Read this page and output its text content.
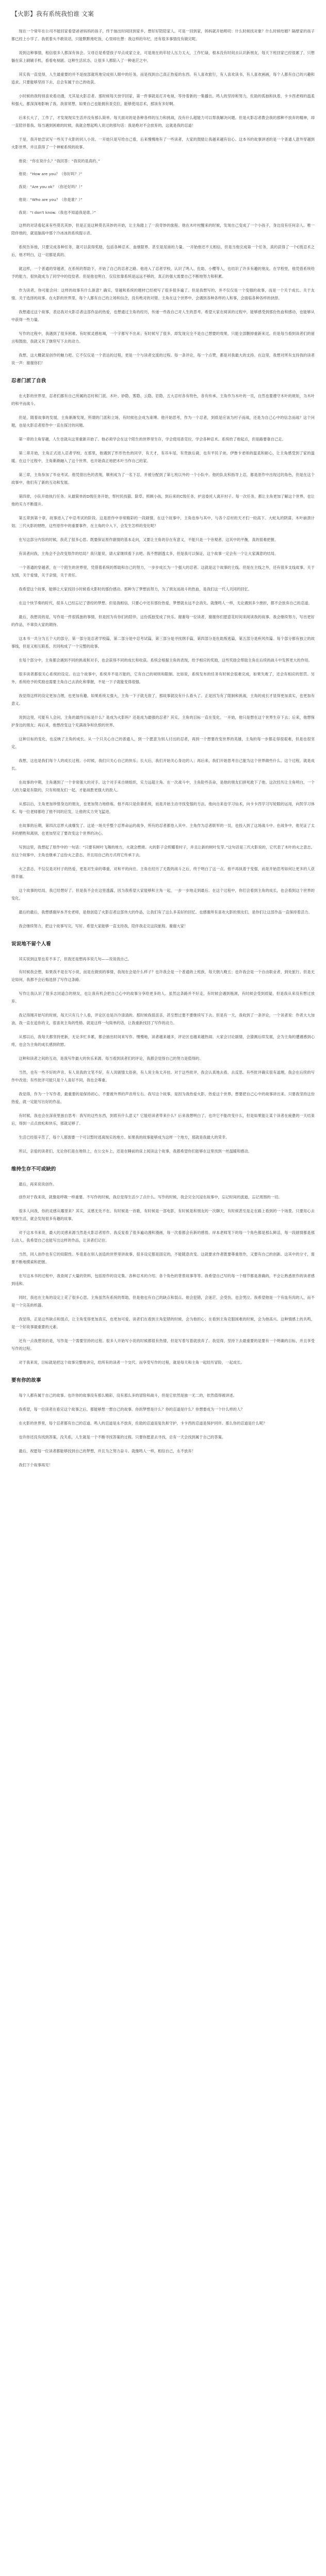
【火影】我有系统我怕谁 文案

现在一个常年在公司不能回家看望爸爸妈妈的孩子，终于抽出时间回到家乡，想好好陪陪家人。可是一回到家，妈妈就开始唠叨：什么时候找对象？什么时候结婚？隔壁家的孩子都已经上小学了。我低着头不敢说话，只能默默地吃饭，心里却在想：我这样的年纪，还有很多事情没有做完呢。

说到这种事情，相信很多人都深有体会。父母总是希望孩子早点成家立业，可是现在的年轻人压力太大，工作忙碌，根本没有时间去认识新朋友。每天下班回家已经很累了，只想躺在床上刷刷手机，看看电视剧。这种生活状态，让很多人都陷入了一种迷茫之中。

其实我一直觉得，人生最重要的并不是按部就班地完成别人眼中的任务，而是找到自己真正热爱的东西。有人喜欢旅行，有人喜欢读书，有人喜欢画画，每个人都有自己的兴趣和追求。只要能够坚持下去，总会有属于自己的收获。

小时候的我特别喜欢看动漫，尤其是火影忍者。那时候每天放学回家，第一件事就是打开电视，等待着新的一集播出。鸣人的坚持和努力，佐助的孤独和执着，卡卡西老师的温柔和强大，都深深地影响了我。我常常想，如果自己也能拥有查克拉，能够使用忍术，那该有多好啊。

后来长大了，工作了，才发现现实生活并没有那么简单。每天面对的是各种各样的压力和挑战，没有什么超能力可以帮我解决问题。但是火影忍者教会我的那种不放弃的精神，却一直陪伴着我。每当遇到困难的时候，我就会想起鸣人说过的那句话：我是绝对不会放弃的，这就是我的忍道！

于是，我开始尝试写一些关于火影的同人小说。一开始只是写给自己看，后来慢慢地有了一些读者，大家的鼓励让我越来越有信心。这本书的故事讲述的是一个普通人意外穿越到火影世界，并且获得了一个神秘系统的故事。

他说：“你在说什么？”我回答：“我说的是真的。”

他说：“How are you？（你好吗？）”

我说：“Are you ok？（你还好吗？）”

他说：“Who are you？（你是谁？）”

我说：“I don't know.（我也不知道我是谁。）”

这样的对话看起来有些莫名其妙，但是正是这种莫名其妙的开始，让主角踏上了一段奇妙的旅程。他在木叶村醒来的时候，发现自己变成了一个小孩子，身边没有任何亲人。唯一陪伴他的，就是脑海中那个冷冰冰的系统提示音。

系统告诉他，只要完成各种任务，就可以获得奖励，包括各种忍术、血继限界、甚至是尾兽的力量。一开始他还不太相信，但是当他完成第一个任务，真的获得了一个C级忍术之后，他才明白，这一切都是真的。

就这样，一个普通的穿越者，在系统的帮助下，开始了自己的忍者之路。他进入了忍者学校，认识了鸣人、佐助、小樱等人，也结识了许多有趣的朋友。在学校里，他凭借系统给予的能力，很快就成为了同学中的佼佼者。但是他也明白，仅仅依靠系统是远远不够的，真正的强大需要自己不断地努力和积累。

作为读者，你可能会问：这样的故事有什么新意？确实，穿越和系统的题材已经被写了很多很多遍了。但是我想写的，并不仅仅是一个变强的故事，而是一个关于成长、关于友情、关于选择的故事。在火影的世界里，每个人都有自己的立场和信念，没有绝对的对错。主角在这个世界中，会遇到各种各样的人和事，会面临各种各样的抉择。

我想通过这个故事，表达我对火影忍者这部作品的热爱，也想通过主角的经历，传递一些我自己对人生的思考。希望大家在阅读的过程中，能够感受到那份热血和感动，也能够从中获得一些力量。

写作的过程中，我遇到了很多困难。有时候灵感枯竭，一个字都写不出来；有时候写了很多，却发现完全不是自己想要的效果，只能全部删掉重新来过。但是每当看到读者们的留言和鼓励，我就又有了继续写下去的动力。

我想，这大概就是创作的魅力吧。它不仅仅是一个表达的过程，更是一个与读者交流的过程。每一条评论，每一个点赞，都是对我最大的支持。在这里，我想对所有支持我的读者说一声：谢谢你们！

忍者门派了自我

在火影的世界里，忍者们都有自己所属的忍村和门派。木叶、砂隐、雾隐、云隐、岩隐，五大忍村各有特色，各有传承。主角作为木叶的一员，自然也要遵守木叶的规矩，为木叶的和平而战斗。

但是，随着故事的发展，主角渐渐发现，所谓的门派和立场，有时候也会成为束缚。他开始思考，作为一个忍者，到底是应该为村子而战，还是为自己心中的信念而战？这个问题，也是火影忍者原作中一直在探讨的问题。

第一章的主角穿越，人生也就从这里重新开始了。他必须学会在这个陌生的世界里生存，学会使用查克拉，学会各种忍术。系统给了他起点，但是路要靠自己走。

第二章开始，主角正式进入忍者学校。在那里，他遇到了形形色色的同学，有天才，有吊车尾，有贵族后裔，也有平民子弟。伊鲁卡老师的温柔和耐心，让主角感受到了家的温暖。在这个过程中，主角渐渐融入了这个世界，也开始真正地把木叶当作自己的家。

第三章，主角参加了毕业考试。他凭借出色的表现，顺利成为了一名下忍，并被分配到了第七班以外的一个小队中。他的队友和指导上忍，都是原作中出现过的角色，但是在这个故事中，他们有了新的互动和发展。

第四章，小队开始执行任务。从最简单的D级任务开始，帮村民找猫、除草、照顾小孩，到后来的C级任务，护送委托人离开村子。每一次任务，都让主角更加了解这个世界，也让他的实力不断提升。

第五章到第十章，故事进入了中忍考试的阶段。这是原作中非常精彩的一段剧情，在这个故事中，主角也参与其中，与各个忍村的天才们一较高下。大蛇丸的阴谋、木叶崩溃计划、三代火影的牺牲，这些原作中的重要事件，在主角的介入下，会发生怎样的变化呢？

在写这部分内容的时候，我花了很多心思。既要保证原作剧情的基本走向，又要让主角的存在有意义，不能只是一个旁观者。这其中的平衡，真的很难把握。

有读者问我，主角会不会改变原作的结局？我只能说，请大家继续看下去吧。我不想剧透太多，但是我可以保证，这个故事一定会有一个让大家满意的结局。

一个普通的穿越者，在一个陌生的世界里，凭借着系统的帮助和自己的努力，一步步成长为一个强大的忍者。这就是这个故事的主线。但是在主线之外，还有很多支线故事，关于友情，关于爱情，关于亲情，关于责任。

我希望这个故事，能够让大家找回小时候看火影时的那份感动。那种为了梦想而努力，为了朋友而战斗的热血，是我们这一代人共同的回忆。

在这个快节奏的时代，很多人已经忘记了曾经的梦想。但是我相信，只要心中还有那份热爱，梦想就永远不会消失。就像鸣人一样，无论遇到多少挫折，都不会放弃自己的忍道。

最后，我想说的是，写作是一件很孤独的事情，但是因为有你们的陪伴，这份孤独变成了快乐。谢谢每一位读者，谢谢你们愿意花时间来阅读我的故事。我会继续努力，写出更好的作品，不辜负大家的期待。

这本书一共分为五个大的部分，第一部分是忍者学校篇，第二部分是中忍考试篇，第三部分是寻找纲手篇，第四部分是佐助叛逃篇，第五部分是疾风传篇。每个部分都有独立的故事线，但是又相互联系，共同构成了一个完整的故事。

在每个部分中，主角都会遇到不同的挑战和对手，也会获得不同的成长和收获。系统会根据主角的表现，给予相应的奖励，这些奖励会帮助主角在后续的战斗中发挥更大的作用。

很多读者都很关心系统的设定。在这个故事中，系统并不是万能的，它有自己的规则和限制。比如说，系统发布的任务有时候会很难完成，如果失败了，还会有相应的惩罚。另外，系统给予的奖励也需要主角自己去消化和掌握，不是一下子就能变得很强。

我觉得这样的设定更加合理，也更加有趣。如果系统太强大，主角一下子就无敌了，那故事就没有什么看头了。正是因为有了限制和挑战，主角的成长才显得更加真实，也更加有意义。

说到这里，可能有人会问，主角的最终目标是什么？是成为火影吗？还是成为最强的忍者？其实，主角的目标一直在变化。一开始，他只是想在这个世界生存下去；后来，他想保护身边的朋友；再后来，他想改变这个充满战争和仇恨的世界。

这种目标的变化，也反映了主角的成长。从一个只关心自己的普通人，到一个愿意为别人付出的忍者，再到一个想要改变世界的英雄，主角的每一步都走得很艰难，但是也很坚定。

我想，这也是我们每个人的成长过程。小时候，我们只关心自己的快乐；长大后，我们开始关心身边的人；再后来，我们开始思考自己能为这个世界做些什么。这个过程，就是成长。

在故事的中期，主角遇到了一个非常强大的对手。这个对手来自晓组织，实力远超主角。在一次战斗中，主角险些丧命，是他的朋友们拼死救下了他。这次经历让主角明白，一个人的力量是有限的，只有和朋友们一起，才能战胜更强大的敌人。

从那以后，主角更加珍惜身边的朋友，也更加努力地修炼。他不再只是依靠系统，而是开始主动寻找变强的方法。他向自来也学习仙术，向卡卡西学习写轮眼的运用，向凯学习体术。每一位老师都给了他不同的启发，让他的实力突飞猛进。

在故事的后期，第四次忍界大战爆发了。这是一场关乎整个忍界命运的战争，所有的忍者都卷入其中。主角作为忍者联军的一员，也投入到了这场战斗中。在战争中，他见证了太多的牺牲和离别，也更加坚定了要改变这个世界的决心。

写到这里，我想起了原作中的一句话：“只要有树叶飞舞的地方，火就会燃烧。火的影子会照耀着村子，并且让新的树叶发芽。”这句话是三代火影说的，它代表了木叶的火之意志。在这个故事中，主角也继承了这份火之意志，并且用自己的方式将它传承下去。

火之意志，不仅仅是对村子的热爱，更是对生命的尊重，对和平的向往。主角在经历了无数的战斗之后，终于明白了这一点。他不再执着于变强，而是开始思考如何让更多的人获得幸福。

这个故事的结局，我已经想好了。但是我不会在这里透露，因为我希望大家能够和主角一起，一步一步地走到最后。在这个过程中，你们会看到主角的成长，也会看到这个世界的变化。

最后的最后，我想感谢岸本齐史老师，是他创造了火影忍者这部伟大的作品，让我们有了这么多美好的回忆。也感谢所有喜欢火影的朋友们，是你们让这部作品一直保持着活力。

我会继续努力，把这个故事写完，写好。希望大家能够一直支持我，陪伴我走完这段旅程。谢谢大家！

说说地不留个人看

其实说到这里也差不多了，但我还是想再多说几句——说说我自己。

有时候我会想，如果我不是在写小说，而是在做别的事情，我现在会是什么样子？也许我会是一个普通的上班族，每天朝九晚五；也许我会是一个自由职业者，到处旅行。但是无论如何，我都不会后悔选择了写作这条路。

写作让我认识了很多志同道合的朋友，也让我有机会把自己心中的故事分享给更多的人。虽然这条路并不好走，有时候会遇到瓶颈，有时候会受到质疑，但是我从来没有想过放弃。

我记得刚开始写的时候，每天只有几个人看，评论区也是冷冷清清的。那时候我很沮丧，甚至想过要不要继续写下去。但是有一天，我收到了一条评论，一个读者说：作者大大加油，我一直在追你的文，很喜欢主角的性格。就是这样一句简单的话，让我重新找回了写作的动力。

从那以后，我每天都坚持更新，无论多忙多累，都会抽出时间来写作。慢慢地，读者越来越多，评论区也越来越热闹。大家会讨论剧情，会猜测后续发展，会为主角的遭遇感到心疼，也会为主角的成长感到欣慰。

这种和读者之间的互动，是我写作最大的快乐来源。每当看到读者们的评论，我都会觉得自己的努力是值得的。

当然，也有一些不好的声音。有人说我的文笔不好，有人说剧情太俗套，有人说主角太开挂。对于这些批评，我会认真地去看，去反思。有些批评确实很有道理，我会在后续的写作中改进；有些批评可能只是个人喜好不同，我也会尊重。

我觉得，作为一个写作者，最重要的是保持初心，不要被外界的声音所左右。我写这个故事，是因为我热爱火影，热爱这个世界，想要把自己心中的故事讲出来。只要我坚持这份热爱，就一定能写出好的作品。

有时候，我也会在深夜里独自思考：我写的这些东西，到底有什么意义？它能给读者带来什么？后来我想明白了，也许它不能改变什么，但是如果能让某个读者在疲惫的一天结束后，得到一点点放松和快乐，那就足够了。

生活已经很辛苦了，每个人都需要一个可以暂时逃离现实的地方。如果我的故事能够成为这样一个地方，那就是我最大的荣幸。

所以，亲爱的读者们，无论你们是在地铁上，在公交车上，还是在睡前的床上阅读这个故事，我都希望你们能够在这里找到一丝温暖和感动。

维持生存不可或缺的

最后，再来说说创作。

创作对于我来说，就像是呼吸一样重要。不写作的时候，我总觉得生活少了点什么。写作的时候，我会完全沉浸在故事中，忘记时间的流逝，忘记周围的一切。

很多人问我，你的灵感从哪里来？其实，灵感无处不在。有时候是一首歌，有时候是一部电影，有时候是和朋友的一次聊天，有时候甚至是走在路上看到的一个场景。只要用心去观察生活，就会发现很多有趣的故事。

对于这本书来说，最大的灵感来源当然是火影忍者原作。我反复看了很多遍动漫和漫画，每一次看都会有新的感悟。岸本老师笔下的每一个角色都是那么鲜活，每一段剧情都是那么动人。我希望自己也能写出这样的作品，让读者们记住。

当然，同人创作也有它的局限性。毕竟是在别人创造的世界里讲故事，很多设定都是固定的，不能随意改变。这就要求作者既要尊重原作，又要有自己的创新。这其中的分寸，需要不断地摸索和把握。

在写这本书的过程中，我查阅了大量的资料，包括原作的设定集、各种忍术的介绍、各个角色的背景故事等等。我希望自己写的每一个细节都是准确的，不会让熟悉原作的读者感到违和。

同时，我也在主角的设定上花了很多心思。主角虽然有系统的帮助，但是他也有自己的缺点和弱点。他会犯错，会迷茫，会受伤，也会哭泣。我希望他是一个有血有肉的人，而不是一个完美的机器。

我觉得，正是这些缺点和弱点，让主角变得更加真实，也更加可爱。读者们在看到主角犯错的时候，会为他担心；在看到主角克服困难的时候，会为他高兴。这种情感上的共鸣，是一个好故事最重要的元素。

还有一点我想说的是，写作是一个需要坚持的过程。很多人开始写小说的时候都很有热情，但是写着写着就放弃了。我觉得，坚持下去最重要的是要有一个明确的目标，并且享受写作的过程。

对于我来说，目标就是把这个故事完整地讲完，给所有的读者一个交代。而享受写作的过程，就是每天和主角一起经历冒险，一起成长。

要有你的故事

每个人都有属于自己的故事。也许你的故事没有那么精彩，没有那么多的冒险和战斗，但是它依然是独一无二的，依然值得被讲述。

我希望，每一位读者在看完这个故事之后，都能够想一想自己的故事。你的梦想是什么？你的忍道是什么？你想要成为一个什么样的人？

在火影的世界里，每个忍者都有自己的忍道。鸣人的忍道是永不放弃，佐助的忍道是复仇和守护，卡卡西的忍道是保护同伴。那么你的忍道是什么呢？

也许你还没有找到答案，没关系，人生就是一个不断寻找答案的过程。只要你愿意去寻找，总有一天会找到属于自己的答案。

最后，祝愿每一位读者都能够找到自己的梦想，并且为之努力奋斗。就像鸣人一样，相信自己，永不放弃！

我们下个故事再见！
